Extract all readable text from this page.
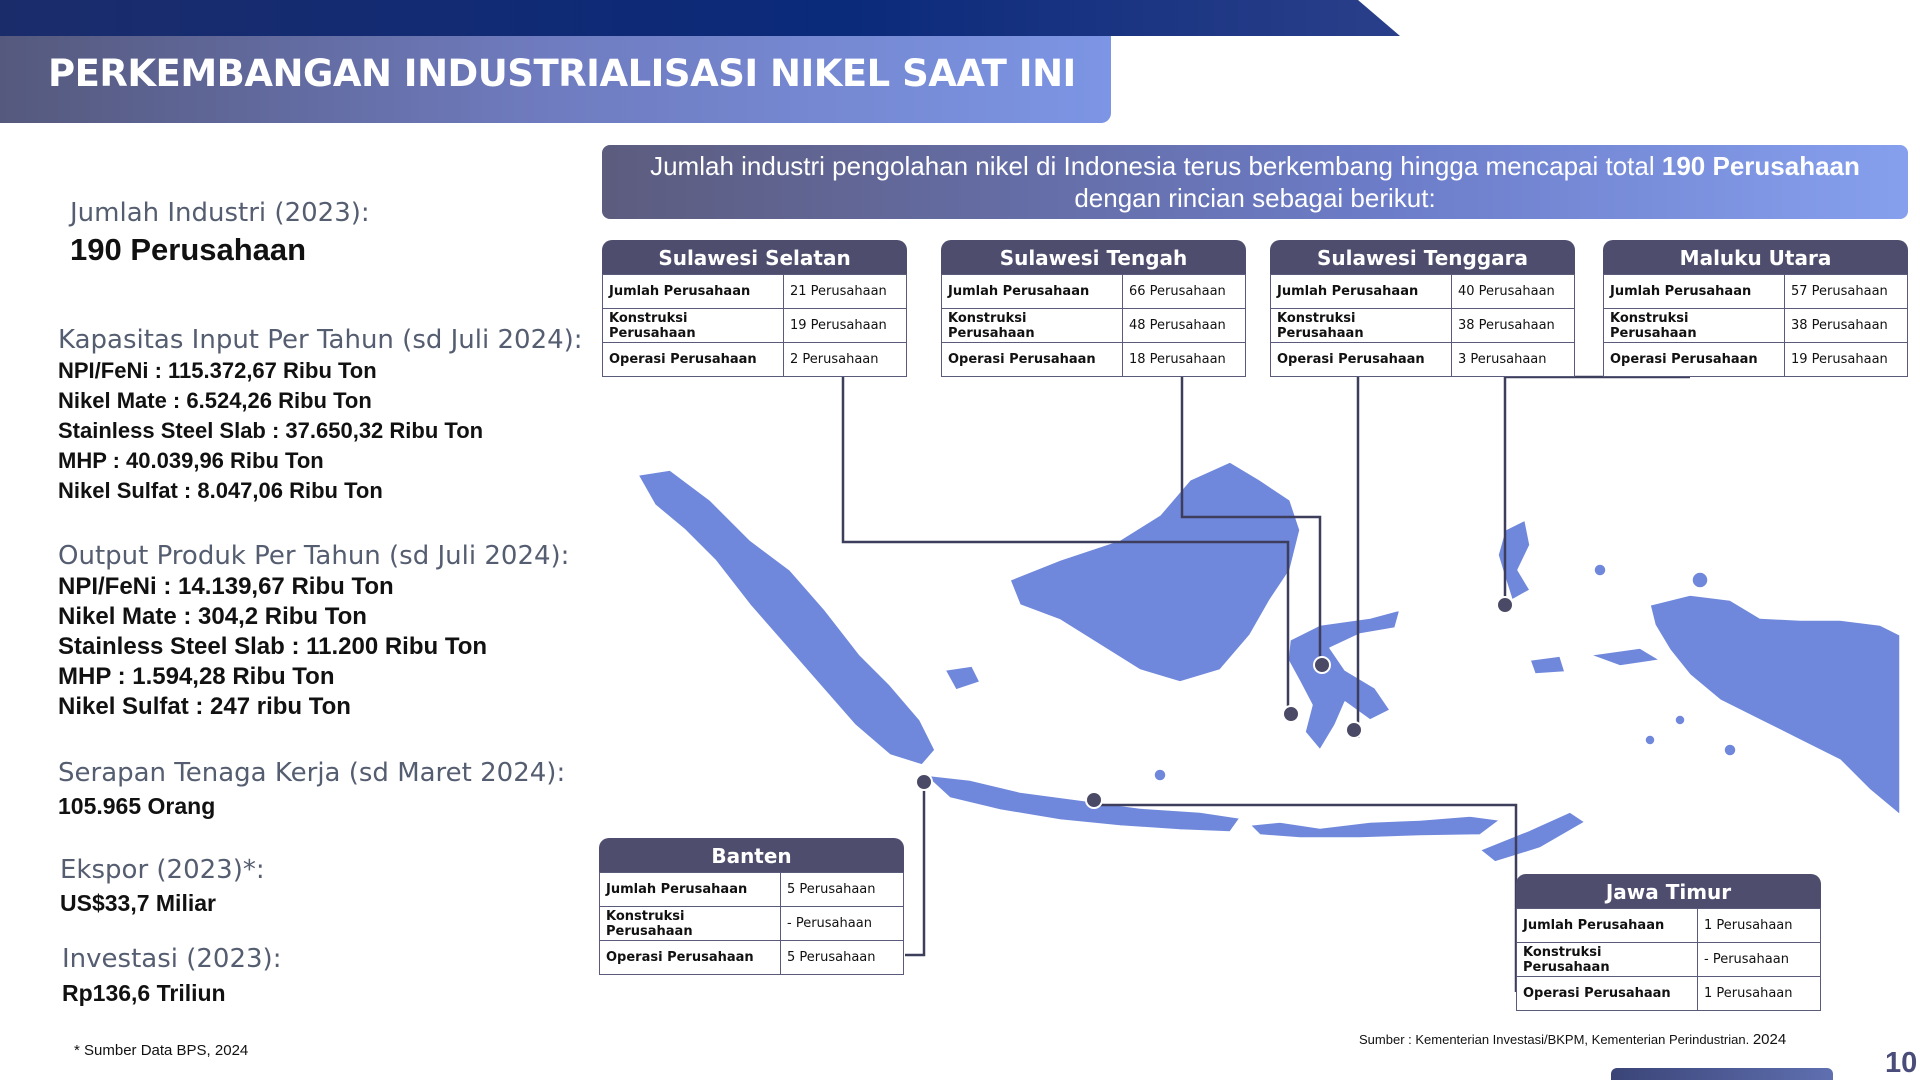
PERKEMBANGAN INDUSTRIALISASI NIKEL SAAT INI
Jumlah Industri (2023):
190 Perusahaan
Kapasitas Input Per Tahun (sd Juli 2024):
NPI/FeNi : 115.372,67 Ribu Ton
Nikel Mate : 6.524,26 Ribu Ton
Stainless Steel Slab : 37.650,32 Ribu Ton
MHP : 40.039,96 Ribu Ton
Nikel Sulfat : 8.047,06 Ribu Ton
Output Produk Per Tahun (sd Juli 2024):
NPI/FeNi : 14.139,67 Ribu Ton
Nikel Mate : 304,2 Ribu Ton
Stainless Steel Slab : 11.200 Ribu Ton
MHP : 1.594,28 Ribu Ton
Nikel Sulfat : 247 ribu Ton
Serapan Tenaga Kerja (sd Maret 2024):
105.965 Orang
Ekspor (2023)*:
US$33,7 Miliar
Investasi (2023):
Rp136,6 Triliun
* Sumber Data BPS, 2024
Jumlah industri pengolahan nikel di Indonesia terus berkembang hingga mencapai total 190 Perusahaan
dengan rincian sebagai berikut:
Sulawesi Selatan
Jumlah Perusahaan	21 Perusahaan
Konstruksi Perusahaan	19 Perusahaan
Operasi Perusahaan	2 Perusahaan
Sulawesi Tengah
Jumlah Perusahaan	66 Perusahaan
Konstruksi Perusahaan	48 Perusahaan
Operasi Perusahaan	18 Perusahaan
Sulawesi Tenggara
Jumlah Perusahaan	40 Perusahaan
Konstruksi Perusahaan	38 Perusahaan
Operasi Perusahaan	3 Perusahaan
Maluku Utara
Jumlah Perusahaan	57 Perusahaan
Konstruksi Perusahaan	38 Perusahaan
Operasi Perusahaan	19 Perusahaan
Banten
Jumlah Perusahaan	5 Perusahaan
Konstruksi Perusahaan	- Perusahaan
Operasi Perusahaan	5 Perusahaan
Jawa Timur
Jumlah Perusahaan	1 Perusahaan
Konstruksi Perusahaan	- Perusahaan
Operasi Perusahaan	1 Perusahaan
Sumber : Kementerian Investasi/BKPM, Kementerian Perindustrian. 2024
10
